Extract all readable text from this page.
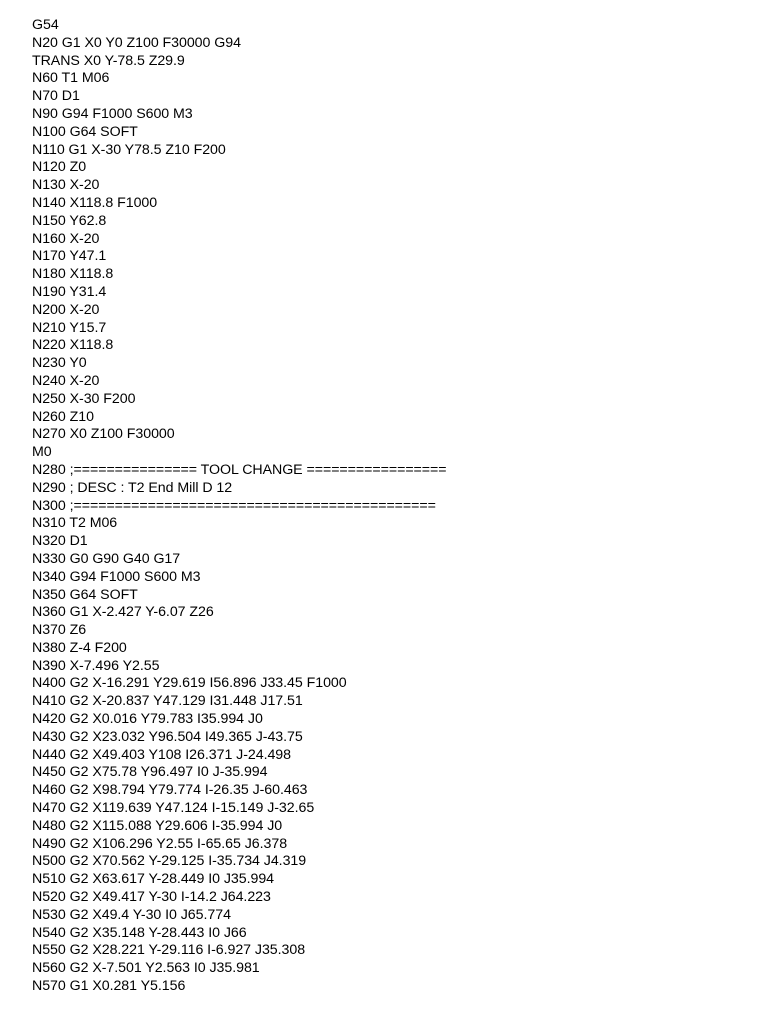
G54
N20 G1 X0 Y0 Z100 F30000 G94
TRANS X0 Y-78.5 Z29.9
N60 T1 M06
N70 D1
N90 G94 F1000 S600 M3
N100 G64 SOFT
N110 G1 X-30 Y78.5 Z10 F200
N120 Z0
N130 X-20
N140 X118.8 F1000
N150 Y62.8
N160 X-20
N170 Y47.1
N180 X118.8
N190 Y31.4
N200 X-20
N210 Y15.7
N220 X118.8
N230 Y0
N240 X-20
N250 X-30 F200
N260 Z10
N270 X0 Z100 F30000
M0
N280 ;=============== TOOL CHANGE =================
N290 ; DESC : T2 End Mill D 12
N300 ;============================================
N310 T2 M06
N320 D1
N330 G0 G90 G40 G17
N340 G94 F1000 S600 M3
N350 G64 SOFT
N360 G1 X-2.427 Y-6.07 Z26
N370 Z6
N380 Z-4 F200
N390 X-7.496 Y2.55
N400 G2 X-16.291 Y29.619 I56.896 J33.45 F1000
N410 G2 X-20.837 Y47.129 I31.448 J17.51
N420 G2 X0.016 Y79.783 I35.994 J0
N430 G2 X23.032 Y96.504 I49.365 J-43.75
N440 G2 X49.403 Y108 I26.371 J-24.498
N450 G2 X75.78 Y96.497 I0 J-35.994
N460 G2 X98.794 Y79.774 I-26.35 J-60.463
N470 G2 X119.639 Y47.124 I-15.149 J-32.65
N480 G2 X115.088 Y29.606 I-35.994 J0
N490 G2 X106.296 Y2.55 I-65.65 J6.378
N500 G2 X70.562 Y-29.125 I-35.734 J4.319
N510 G2 X63.617 Y-28.449 I0 J35.994
N520 G2 X49.417 Y-30 I-14.2 J64.223
N530 G2 X49.4 Y-30 I0 J65.774
N540 G2 X35.148 Y-28.443 I0 J66
N550 G2 X28.221 Y-29.116 I-6.927 J35.308
N560 G2 X-7.501 Y2.563 I0 J35.981
N570 G1 X0.281 Y5.156
